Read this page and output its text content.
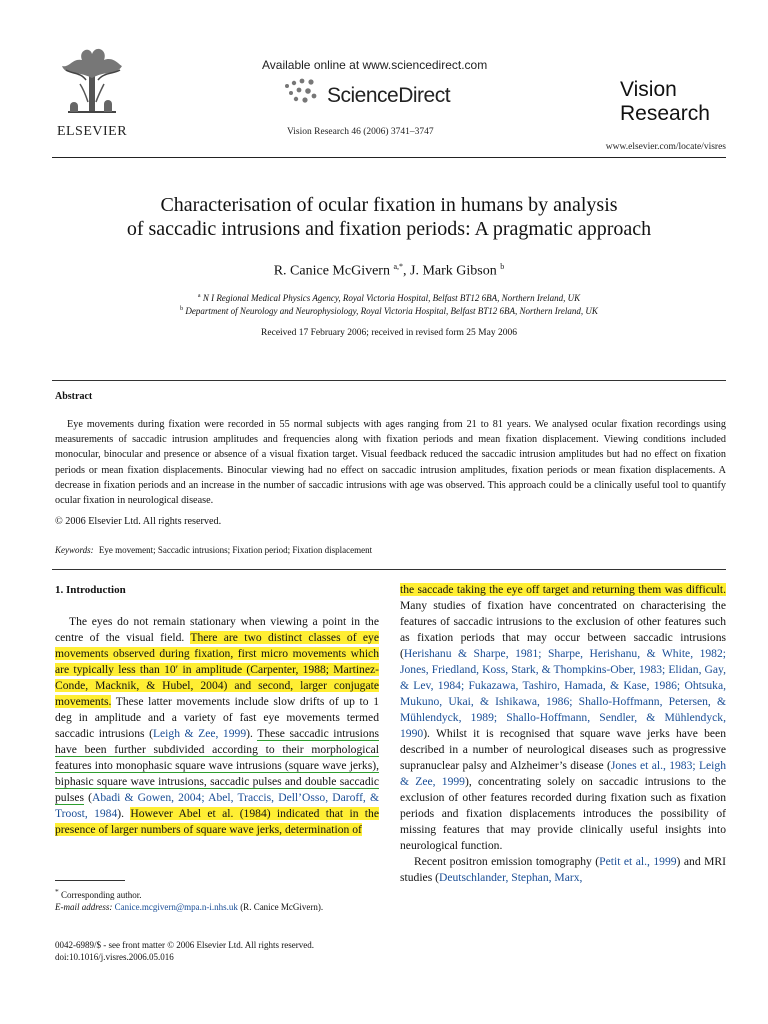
ELSEVIER
Available online at www.sciencedirect.com
ScienceDirect
Vision Research 46 (2006) 3741–3747
Vision
Research
www.elsevier.com/locate/visres
Characterisation of ocular fixation in humans by analysis
of saccadic intrusions and fixation periods: A pragmatic approach
R. Canice McGivern $^{a,*}$, J. Mark Gibson $^b$
$^a$ N I Regional Medical Physics Agency, Royal Victoria Hospital, Belfast BT12 6BA, Northern Ireland, UK
$^b$ Department of Neurology and Neurophysiology, Royal Victoria Hospital, Belfast BT12 6BA, Northern Ireland, UK
Received 17 February 2006; received in revised form 25 May 2006
Abstract
Eye movements during fixation were recorded in 55 normal subjects with ages ranging from 21 to 81 years. We analysed ocular fixation recordings using measurements of saccadic intrusion amplitudes and frequencies along with fixation periods and mean fixation displacement. Viewing conditions included monocular, binocular and presence or absence of a visual fixation target. Visual feedback reduced the saccadic intrusion amplitudes but had no effect on fixation periods or mean fixation displacements. Binocular viewing had no effect on saccadic intrusion amplitudes, fixation periods or mean fixation displacements. A decrease in fixation periods and an increase in the number of saccadic intrusions with age was observed. This approach could be a clinically useful tool to quantify ocular fixation in neurological disease.
© 2006 Elsevier Ltd. All rights reserved.
Keywords: Eye movement; Saccadic intrusions; Fixation period; Fixation displacement
1. Introduction

The eyes do not remain stationary when viewing a point in the centre of the visual field. There are two distinct classes of eye movements observed during fixation, first micro movements which are typically less than 10′ in amplitude (Carpenter, 1988; Martinez-Conde, Macknik, & Hubel, 2004) and second, larger conjugate movements. These latter movements include slow drifts of up to 1 deg in amplitude and a variety of fast eye movements termed saccadic intrusions (Leigh & Zee, 1999). These saccadic intrusions have been further subdivided according to their morphological features into monophasic square wave intrusions (square wave jerks), biphasic square wave intrusions, saccadic pulses and double saccadic pulses (Abadi & Gowen, 2004; Abel, Traccis, Dell’Osso, Daroff, & Troost, 1984). However Abel et al. (1984) indicated that in the presence of larger numbers of square wave jerks, determination of

the saccade taking the eye off target and returning them was difficult. Many studies of fixation have concentrated on characterising the features of saccadic intrusions to the exclusion of other features such as fixation periods that may occur between saccadic intrusions (Herishanu & Sharpe, 1981; Sharpe, Herishanu, & White, 1982; Jones, Friedland, Koss, Stark, & Thompkins-Ober, 1983; Elidan, Gay, & Lev, 1984; Fukazawa, Tashiro, Hamada, & Kase, 1986; Ohtsuka, Mukuno, Ukai, & Ishikawa, 1986; Shallo-Hoffmann, Petersen, & Mühlendyck, 1989; Shallo-Hoffmann, Sendler, & Mühlendyck, 1990). Whilst it is recognised that square wave jerks have been described in a number of neurological diseases such as progressive supranuclear palsy and Alzheimer’s disease (Jones et al., 1983; Leigh & Zee, 1999), concentrating solely on saccadic intrusions to the exclusion of other features recorded during fixation such as fixation periods and fixation displacements introduces the possibility of missing features that may provide clinically useful insights into neurological function.

Recent positron emission tomography (Petit et al., 1999) and MRI studies (Deutschlander, Stephan, Marx,

* Corresponding author.

E-mail address: Canice.mcgivern@mpa.n-i.nhs.uk (R. Canice McGivern).

0042-6989/$ - see front matter © 2006 Elsevier Ltd. All rights reserved.
doi:10.1016/j.visres.2006.05.016
